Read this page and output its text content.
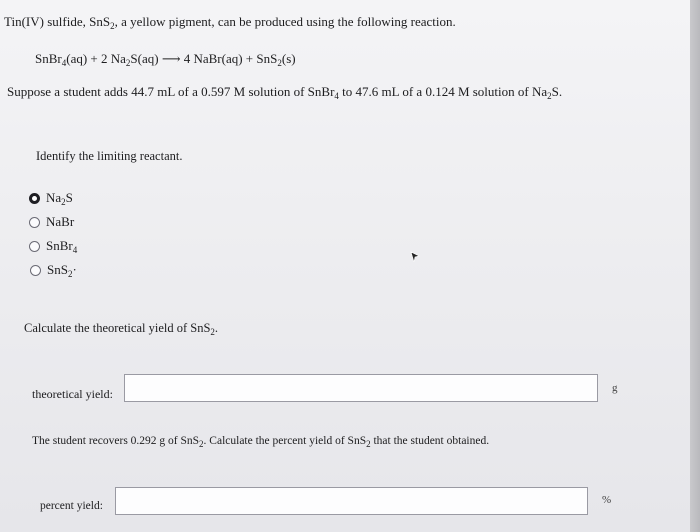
Tin(IV) sulfide, SnS$_2$, a yellow pigment, can be produced using the following reaction.
SnBr$_4$(aq) + 2 $Na_2S(aq)$ ⟶ 4 NaBr(aq) + SnS$_2$(s)
Suppose a student adds 44.7 mL of a 0.597 M solution of SnBr$_4$ to 47.6 mL of a 0.124 M solution of $Na_2S$.
Identify the limiting reactant.
$Na_2S$
NaBr
SnBr$_4$
SnS$_2$·
Calculate the theoretical yield of SnS$_2$.
theoretical yield:	g
The student recovers 0.292 g of SnS$_2$. Calculate the percent yield of SnS$_2$ that the student obtained.
percent yield:	%
